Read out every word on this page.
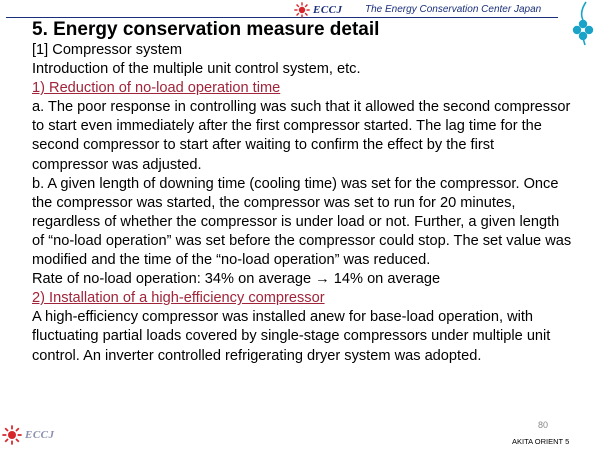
ECCJ The Energy Conservation Center Japan
5. Energy conservation measure detail

[1] Compressor system

Introduction of the multiple unit control system, etc.

1) Reduction of no-load operation time

a. The poor response in controlling was such that it allowed the second compressor to start even immediately after the first compressor started. The lag time for the second compressor to start after waiting to confirm the effect by the first compressor was adjusted.

b. A given length of downing time (cooling time) was set for the compressor. Once the compressor was started, the compressor was set to run for 20 minutes, regardless of whether the compressor is under load or not. Further, a given length of “no-load operation” was set before the compressor could stop. The set value was modified and the time of the “no-load operation” was reduced.

Rate of no-load operation: 34% on average → 14% on average

2) Installation of a high-efficiency compressor

A high-efficiency compressor was installed anew for base-load operation, with fluctuating partial loads covered by single-stage compressors under multiple unit control. An inverter controlled refrigerating dryer system was adopted.

ECCJ
80
AKITA ORIENT 5
